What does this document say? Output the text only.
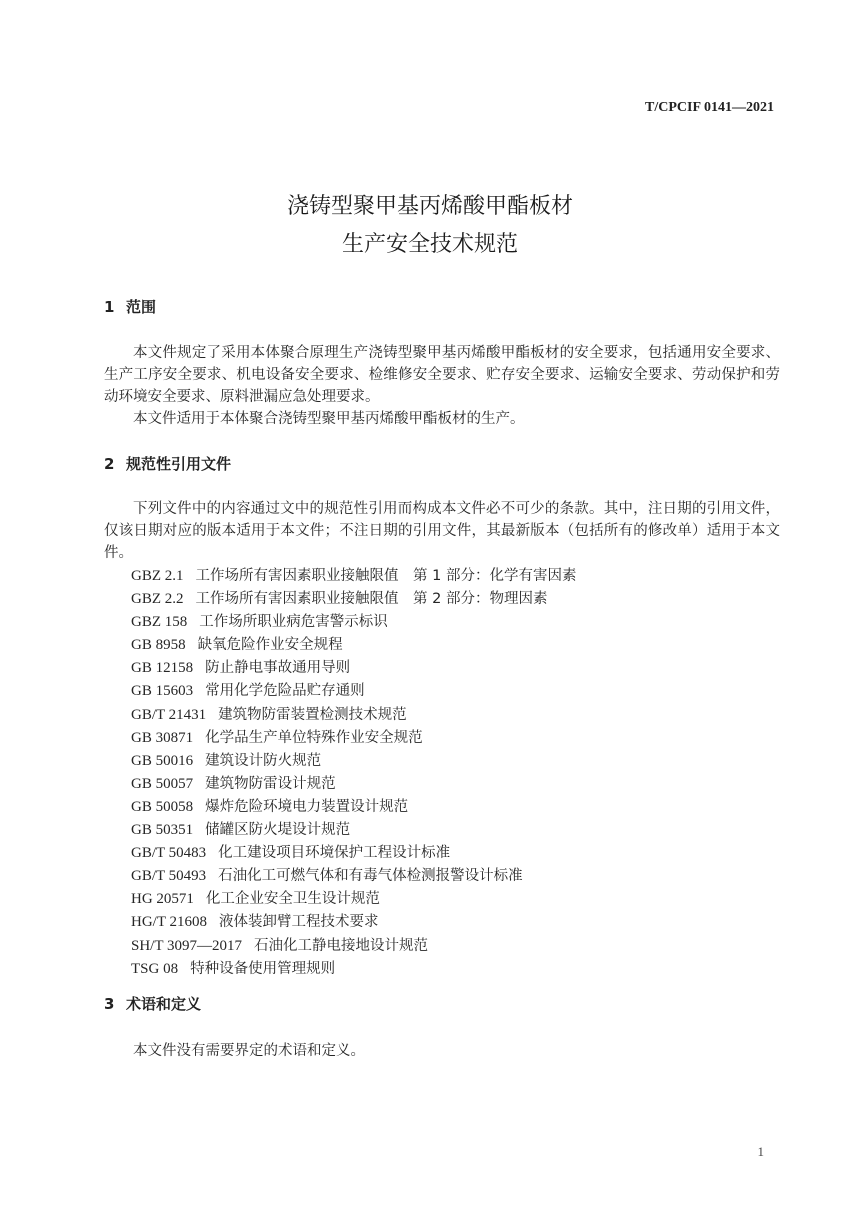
T/CPCIF 0141—2021
浇铸型聚甲基丙烯酸甲酯板材
生产安全技术规范
1 范围
本文件规定了采用本体聚合原理生产浇铸型聚甲基丙烯酸甲酯板材的安全要求，包括通用安全要求、生产工序安全要求、机电设备安全要求、检维修安全要求、贮存安全要求、运输安全要求、劳动保护和劳动环境安全要求、原料泄漏应急处理要求。
本文件适用于本体聚合浇铸型聚甲基丙烯酸甲酯板材的生产。
2 规范性引用文件
下列文件中的内容通过文中的规范性引用而构成本文件必不可少的条款。其中，注日期的引用文件，仅该日期对应的版本适用于本文件；不注日期的引用文件，其最新版本（包括所有的修改单）适用于本文件。
GBZ 2.1 工作场所有害因素职业接触限值　第 1 部分：化学有害因素
GBZ 2.2 工作场所有害因素职业接触限值　第 2 部分：物理因素
GBZ 158 工作场所职业病危害警示标识
GB 8958 缺氧危险作业安全规程
GB 12158 防止静电事故通用导则
GB 15603 常用化学危险品贮存通则
GB/T 21431 建筑物防雷装置检测技术规范
GB 30871 化学品生产单位特殊作业安全规范
GB 50016 建筑设计防火规范
GB 50057 建筑物防雷设计规范
GB 50058 爆炸危险环境电力装置设计规范
GB 50351 储罐区防火堤设计规范
GB/T 50483 化工建设项目环境保护工程设计标准
GB/T 50493 石油化工可燃气体和有毒气体检测报警设计标准
HG 20571 化工企业安全卫生设计规范
HG/T 21608 液体装卸臂工程技术要求
SH/T 3097—2017 石油化工静电接地设计规范
TSG 08 特种设备使用管理规则
3 术语和定义
本文件没有需要界定的术语和定义。
1
